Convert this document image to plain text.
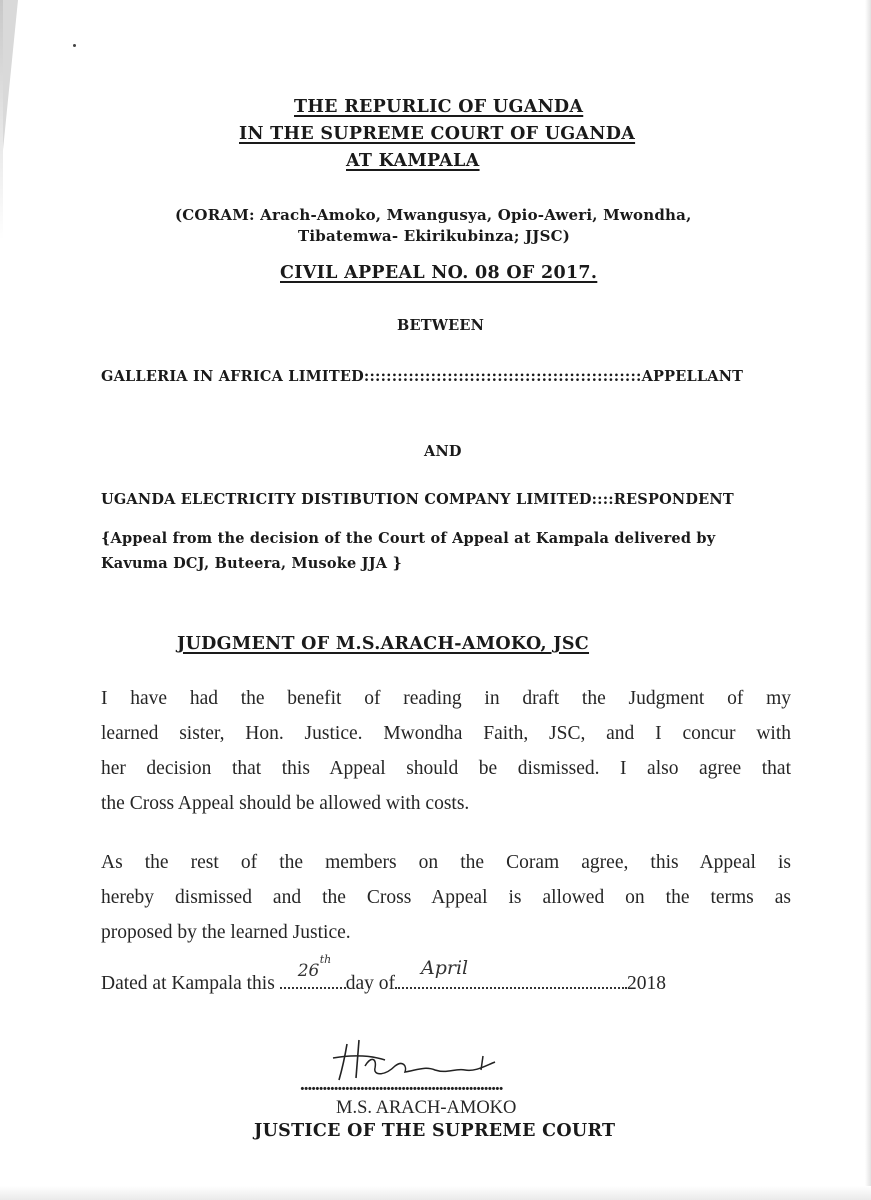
THE REPURLIC OF UGANDA
IN THE SUPREME COURT OF UGANDA
AT KAMPALA
(CORAM: Arach-Amoko, Mwangusya, Opio-Aweri, Mwondha,
Tibatemwa- Ekirikubinza; JJSC)
CIVIL APPEAL NO. 08 OF 2017.
BETWEEN
GALLERIA IN AFRICA LIMITED::::::::::::::::::::::::::::::::::::::::::::::::::APPELLANT
AND
UGANDA ELECTRICITY DISTIBUTION COMPANY LIMITED::::RESPONDENT
{Appeal from the decision of the Court of Appeal at Kampala delivered by
Kavuma DCJ, Buteera, Musoke JJA }
JUDGMENT OF M.S.ARACH-AMOKO, JSC
I have had the benefit of reading in draft the Judgment of my
learned sister, Hon. Justice. Mwondha Faith, JSC, and I concur with
her decision that this Appeal should be dismissed. I also agree that
the Cross Appeal should be allowed with costs.
As the rest of the members on the Coram agree, this Appeal is
hereby dismissed and the Cross Appeal is allowed on the terms as
proposed by the learned Justice.
Dated at Kampala this
26
th
day of
April
2018
......................................................
M.S. ARACH-AMOKO
JUSTICE OF THE SUPREME COURT
